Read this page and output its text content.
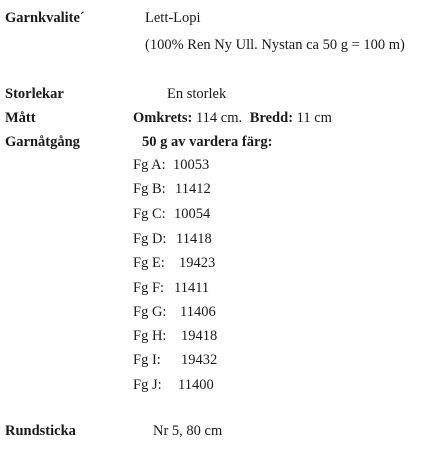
Garnkvalite´	Lett-Lopi
(100% Ren Ny Ull. Nystan ca 50 g = 100 m)
Storlekar	En storlek
Mått	Omkrets: 114 cm. Bredd: 11 cm
Garnåtgång	50 g av vardera färg:
Fg A: 10053
Fg B: 11412
Fg C: 10054
Fg D: 11418
Fg E: 19423
Fg F: 11411
Fg G: 11406
Fg H: 19418
Fg I: 19432
Fg J: 11400
Rundsticka	Nr 5, 80 cm
